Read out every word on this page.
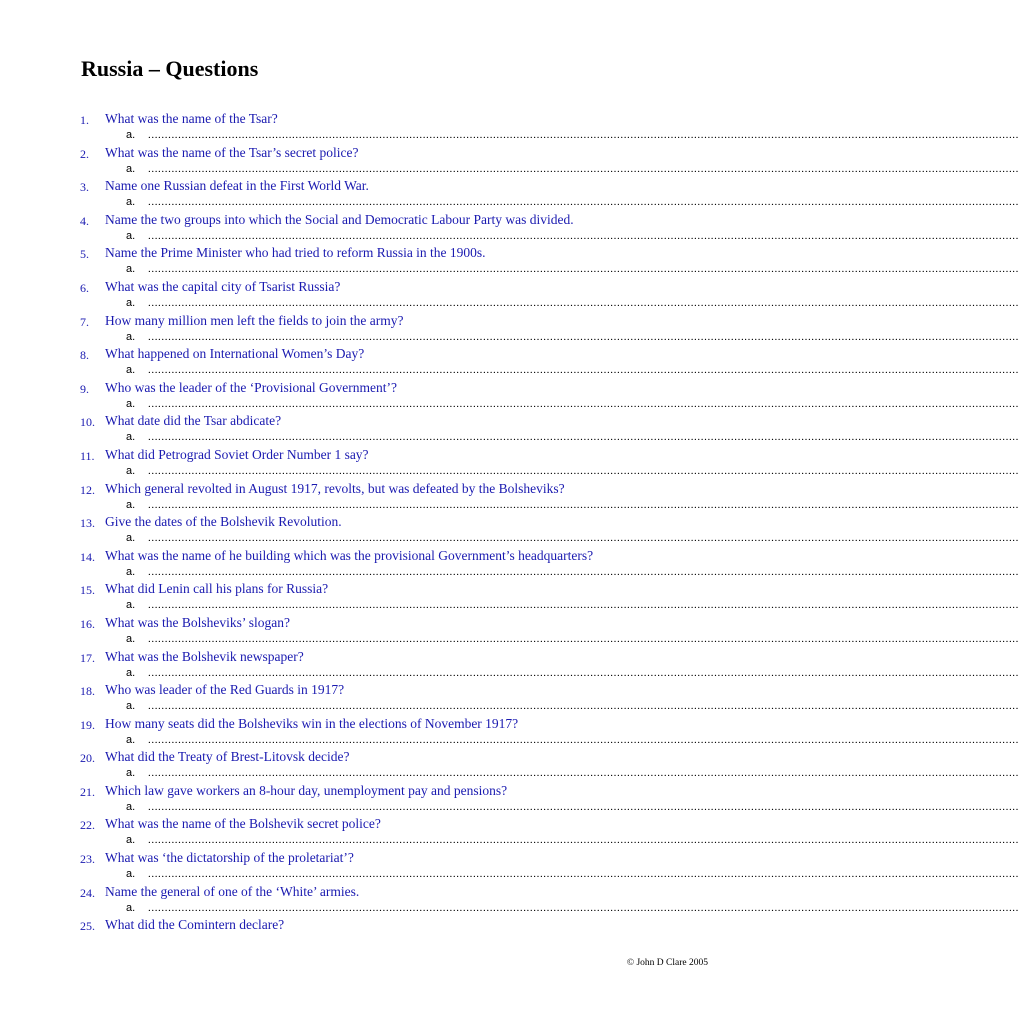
Russia – Questions
1. What was the name of the Tsar?
a. ....................................................................................................................................................................................................................................................................
2. What was the name of the Tsar’s secret police?
a. ....................................................................................................................................................................................................................................................................
3. Name one Russian defeat in the First World War.
a. ....................................................................................................................................................................................................................................................................
4. Name the two groups into which the Social and Democratic Labour Party was divided.
a. ....................................................................................................................................................................................................................................................................
5. Name the Prime Minister who had tried to reform Russia in the 1900s.
a. ....................................................................................................................................................................................................................................................................
6. What was the capital city of Tsarist Russia?
a. ....................................................................................................................................................................................................................................................................
7. How many million men left the fields to join the army?
a. ....................................................................................................................................................................................................................................................................
8. What happened on International Women’s Day?
a. ....................................................................................................................................................................................................................................................................
9. Who was the leader of the ‘Provisional Government’?
a. ....................................................................................................................................................................................................................................................................
10. What date did the Tsar abdicate?
a. ....................................................................................................................................................................................................................................................................
11. What did Petrograd Soviet Order Number 1 say?
a. ....................................................................................................................................................................................................................................................................
12. Which general revolted in August 1917, revolts, but was defeated by the Bolsheviks?
a. ....................................................................................................................................................................................................................................................................
13. Give the dates of the Bolshevik Revolution.
a. ....................................................................................................................................................................................................................................................................
14. What was the name of he building which was the provisional Government’s headquarters?
a. ....................................................................................................................................................................................................................................................................
15. What did Lenin call his plans for Russia?
a. ....................................................................................................................................................................................................................................................................
16. What was the Bolsheviks’ slogan?
a. ....................................................................................................................................................................................................................................................................
17. What was the Bolshevik newspaper?
a. ....................................................................................................................................................................................................................................................................
18. Who was leader of the Red Guards in 1917?
a. ....................................................................................................................................................................................................................................................................
19. How many seats did the Bolsheviks win in the elections of November 1917?
a. ....................................................................................................................................................................................................................................................................
20. What did the Treaty of Brest-Litovsk decide?
a. ....................................................................................................................................................................................................................................................................
21. Which law gave workers an 8-hour day, unemployment pay and pensions?
a. ....................................................................................................................................................................................................................................................................
22. What was the name of the Bolshevik secret police?
a. ....................................................................................................................................................................................................................................................................
23. What was ‘the dictatorship of the proletariat’?
a. ....................................................................................................................................................................................................................................................................
24. Name the general of one of the ‘White’ armies.
a. ....................................................................................................................................................................................................................................................................
25. What did the Comintern declare?
© John D Clare 2005
